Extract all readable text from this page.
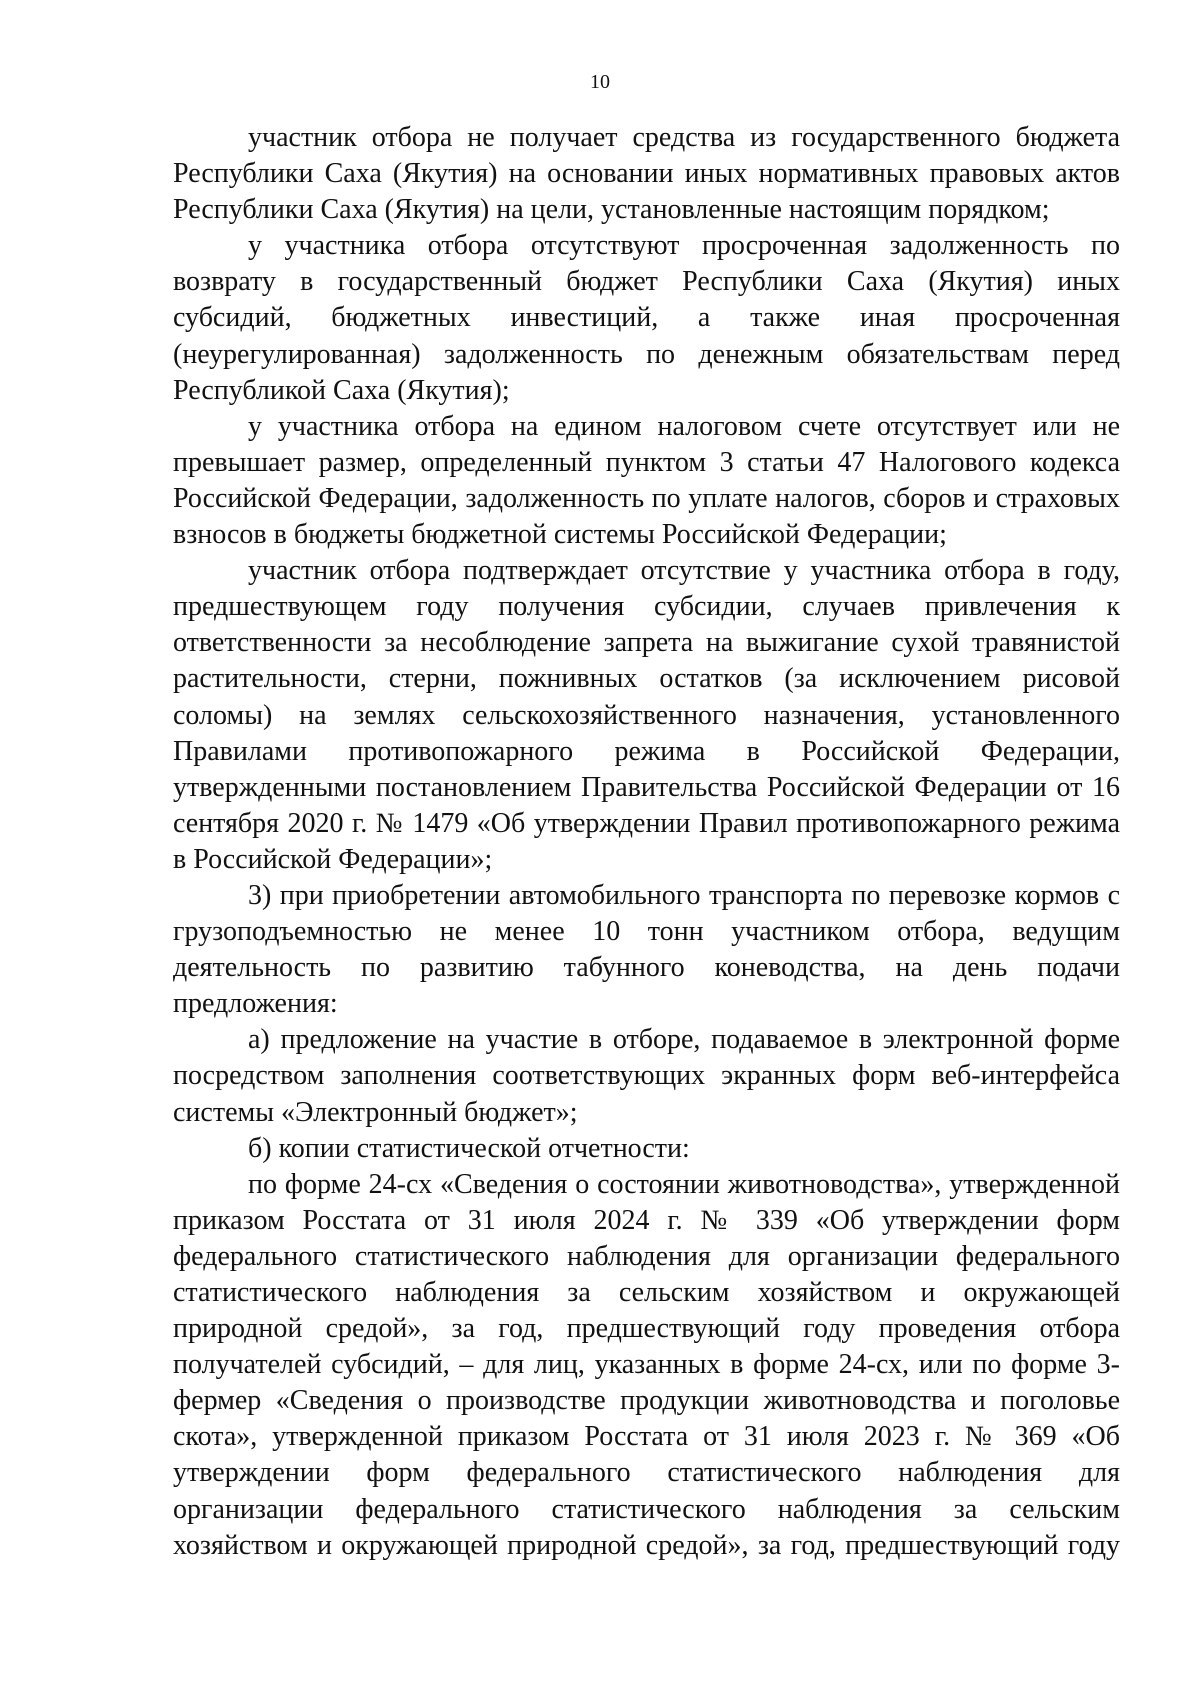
10

участник отбора не получает средства из государственного бюджета Республики Саха (Якутия) на основании иных нормативных правовых актов Республики Саха (Якутия) на цели, установленные настоящим порядком;

у участника отбора отсутствуют просроченная задолженность по возврату в государственный бюджет Республики Саха (Якутия) иных субсидий, бюджетных инвестиций, а также иная просроченная (неурегулированная) задолженность по денежным обязательствам перед Республикой Саха (Якутия);

у участника отбора на едином налоговом счете отсутствует или не превышает размер, определенный пунктом 3 статьи 47 Налогового кодекса Российской Федерации, задолженность по уплате налогов, сборов и страховых взносов в бюджеты бюджетной системы Российской Федерации;

участник отбора подтверждает отсутствие у участника отбора в году, предшествующем году получения субсидии, случаев привлечения к ответственности за несоблюдение запрета на выжигание сухой травянистой растительности, стерни, пожнивных остатков (за исключением рисовой соломы) на землях сельскохозяйственного назначения, установленного Правилами противопожарного режима в Российской Федерации, утвержденными постановлением Правительства Российской Федерации от 16 сентября 2020 г. № 1479 «Об утверждении Правил противопожарного режима в Российской Федерации»;

3) при приобретении автомобильного транспорта по перевозке кормов с грузоподъемностью не менее 10 тонн участником отбора, ведущим деятельность по развитию табунного коневодства, на день подачи предложения:

а) предложение на участие в отборе, подаваемое в электронной форме посредством заполнения соответствующих экранных форм веб-интерфейса системы «Электронный бюджет»;

б) копии статистической отчетности:

по форме 24-сх «Сведения о состоянии животноводства», утвержденной приказом Росстата от 31 июля 2024 г. № 339 «Об утверждении форм федерального статистического наблюдения для организации федерального статистического наблюдения за сельским хозяйством и окружающей природной средой», за год, предшествующий году проведения отбора получателей субсидий, – для лиц, указанных в форме 24-сх, или по форме 3-фермер «Сведения о производстве продукции животноводства и поголовье скота», утвержденной приказом Росстата от 31 июля 2023 г. № 369 «Об утверждении форм федерального статистического наблюдения для организации федерального статистического наблюдения за сельским хозяйством и окружающей природной средой», за год, предшествующий году
